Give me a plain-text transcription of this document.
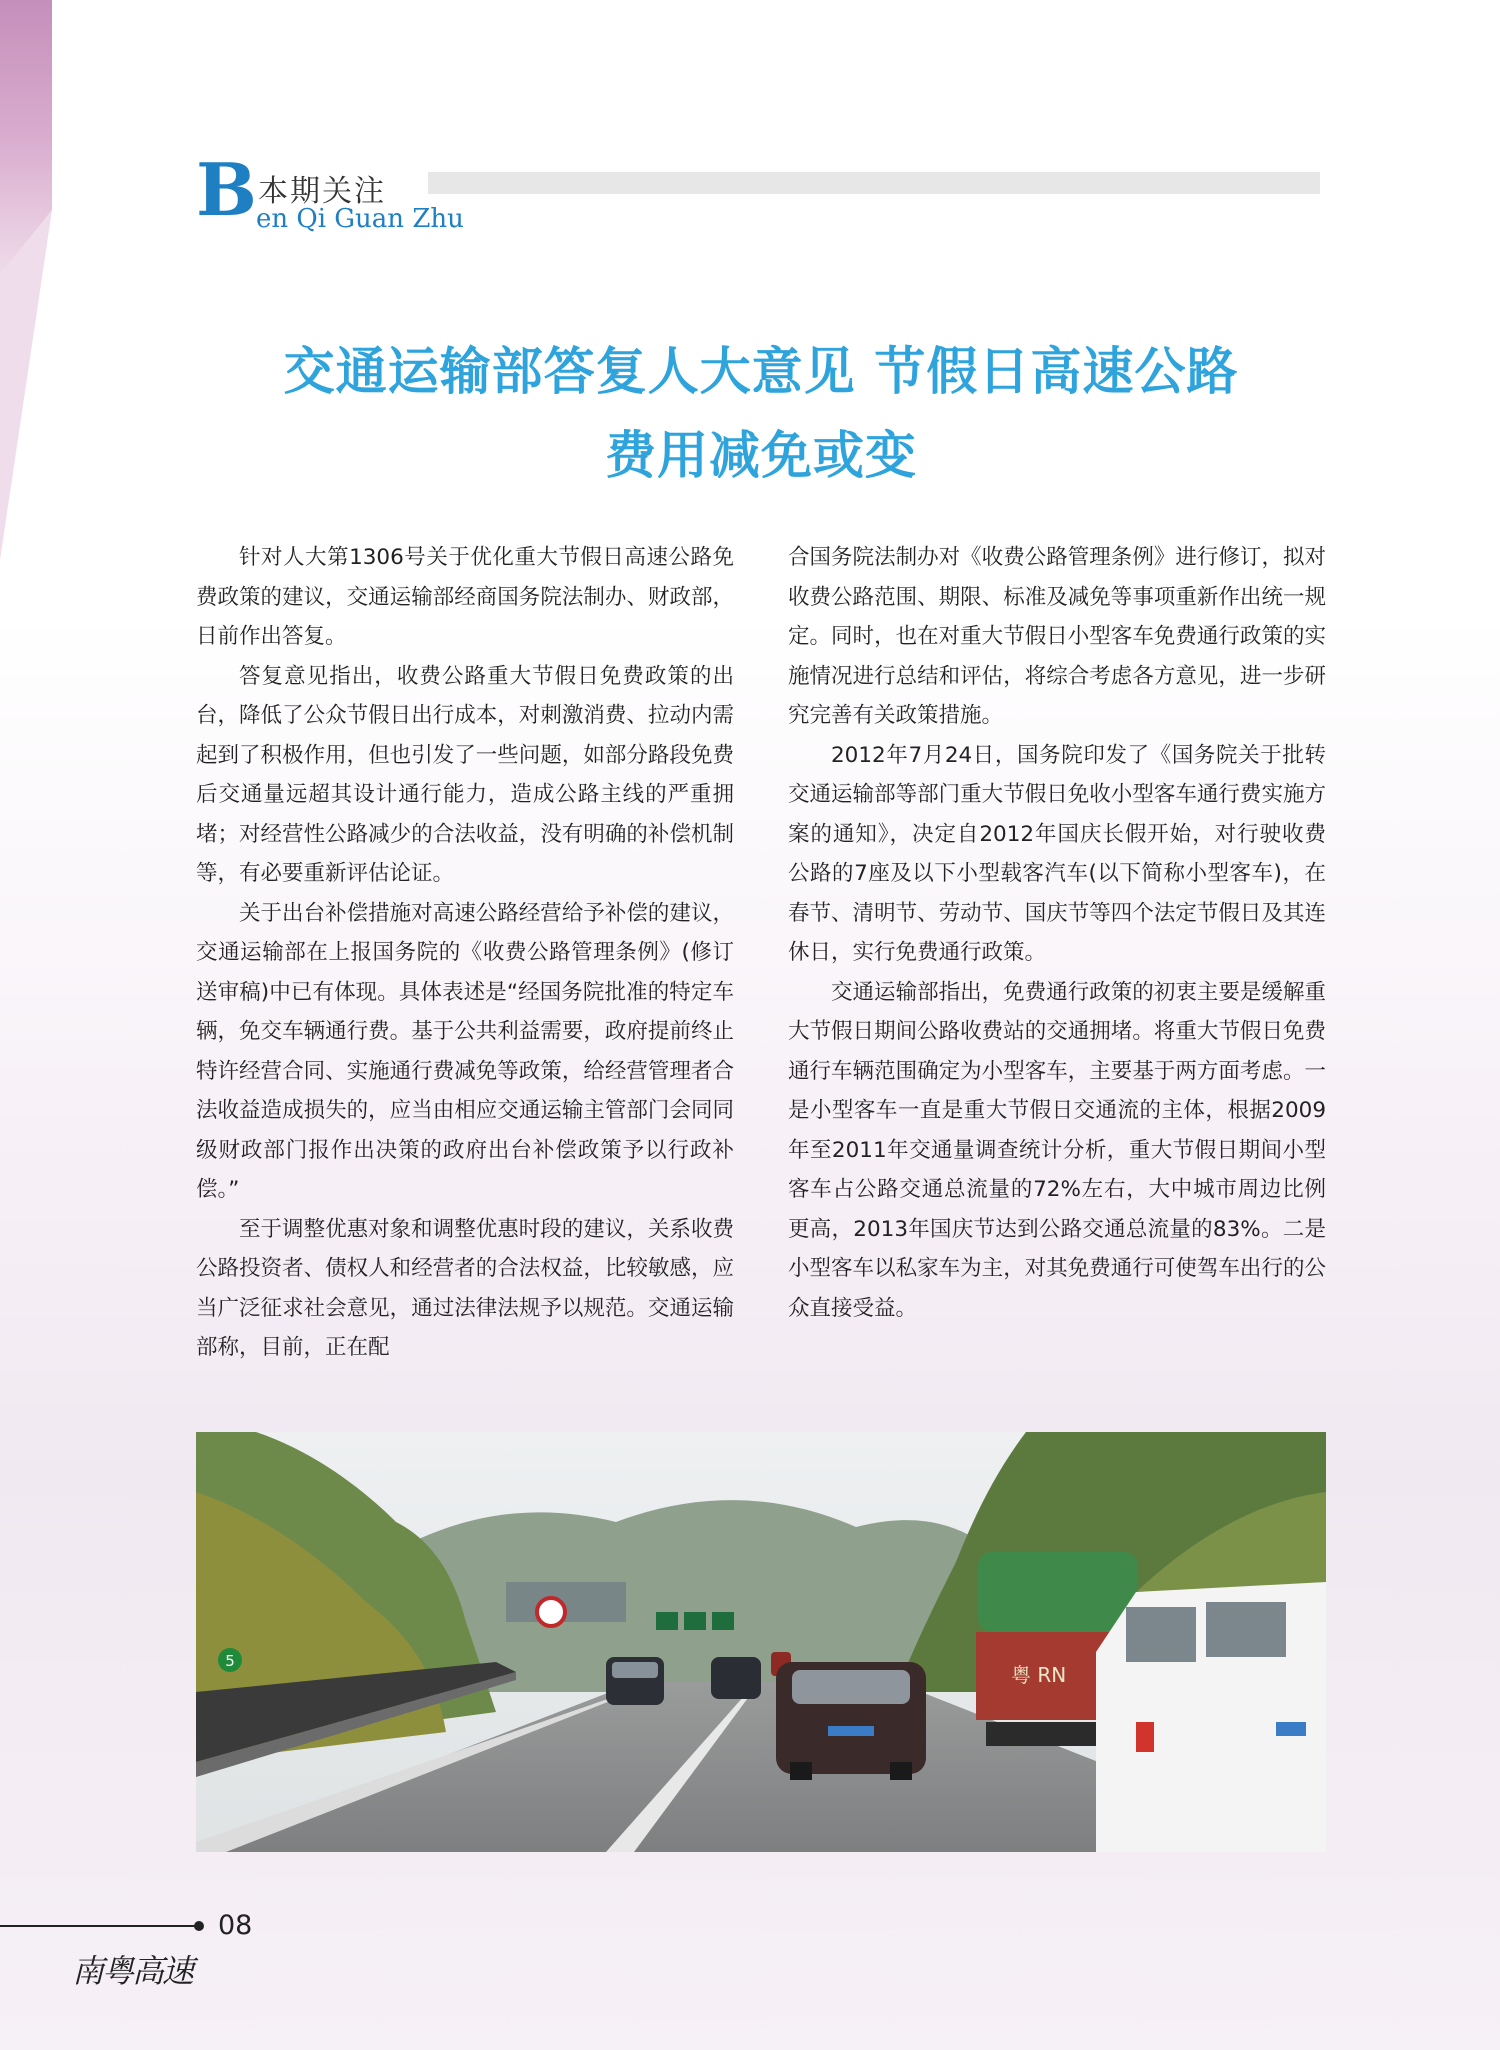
B 本期关注
en Qi Guan Zhu
交通运输部答复人大意见 节假日高速公路
费用减免或变

针对人大第1306号关于优化重大节假日高速公路免费政策的建议，交通运输部经商国务院法制办、财政部，日前作出答复。

答复意见指出，收费公路重大节假日免费政策的出台，降低了公众节假日出行成本，对刺激消费、拉动内需起到了积极作用，但也引发了一些问题，如部分路段免费后交通量远超其设计通行能力，造成公路主线的严重拥堵；对经营性公路减少的合法收益，没有明确的补偿机制等，有必要重新评估论证。

关于出台补偿措施对高速公路经营给予补偿的建议，交通运输部在上报国务院的《收费公路管理条例》(修订送审稿)中已有体现。具体表述是“经国务院批准的特定车辆，免交车辆通行费。基于公共利益需要，政府提前终止特许经营合同、实施通行费减免等政策，给经营管理者合法收益造成损失的，应当由相应交通运输主管部门会同同级财政部门报作出决策的政府出台补偿政策予以行政补偿。”

至于调整优惠对象和调整优惠时段的建议，关系收费公路投资者、债权人和经营者的合法权益，比较敏感，应当广泛征求社会意见，通过法律法规予以规范。交通运输部称，目前，正在配

合国务院法制办对《收费公路管理条例》进行修订，拟对收费公路范围、期限、标准及减免等事项重新作出统一规定。同时，也在对重大节假日小型客车免费通行政策的实施情况进行总结和评估，将综合考虑各方意见，进一步研究完善有关政策措施。

2012年7月24日，国务院印发了《国务院关于批转交通运输部等部门重大节假日免收小型客车通行费实施方案的通知》，决定自2012年国庆长假开始，对行驶收费公路的7座及以下小型载客汽车(以下简称小型客车)，在春节、清明节、劳动节、国庆节等四个法定节假日及其连休日，实行免费通行政策。

交通运输部指出，免费通行政策的初衷主要是缓解重大节假日期间公路收费站的交通拥堵。将重大节假日免费通行车辆范围确定为小型客车，主要基于两方面考虑。一是小型客车一直是重大节假日交通流的主体，根据2009年至2011年交通量调查统计分析，重大节假日期间小型客车占公路交通总流量的72%左右，大中城市周边比例更高，2013年国庆节达到公路交通总流量的83%。二是小型客车以私家车为主，对其免费通行可使驾车出行的公众直接受益。

5
粤 RN
08
南粤高速
